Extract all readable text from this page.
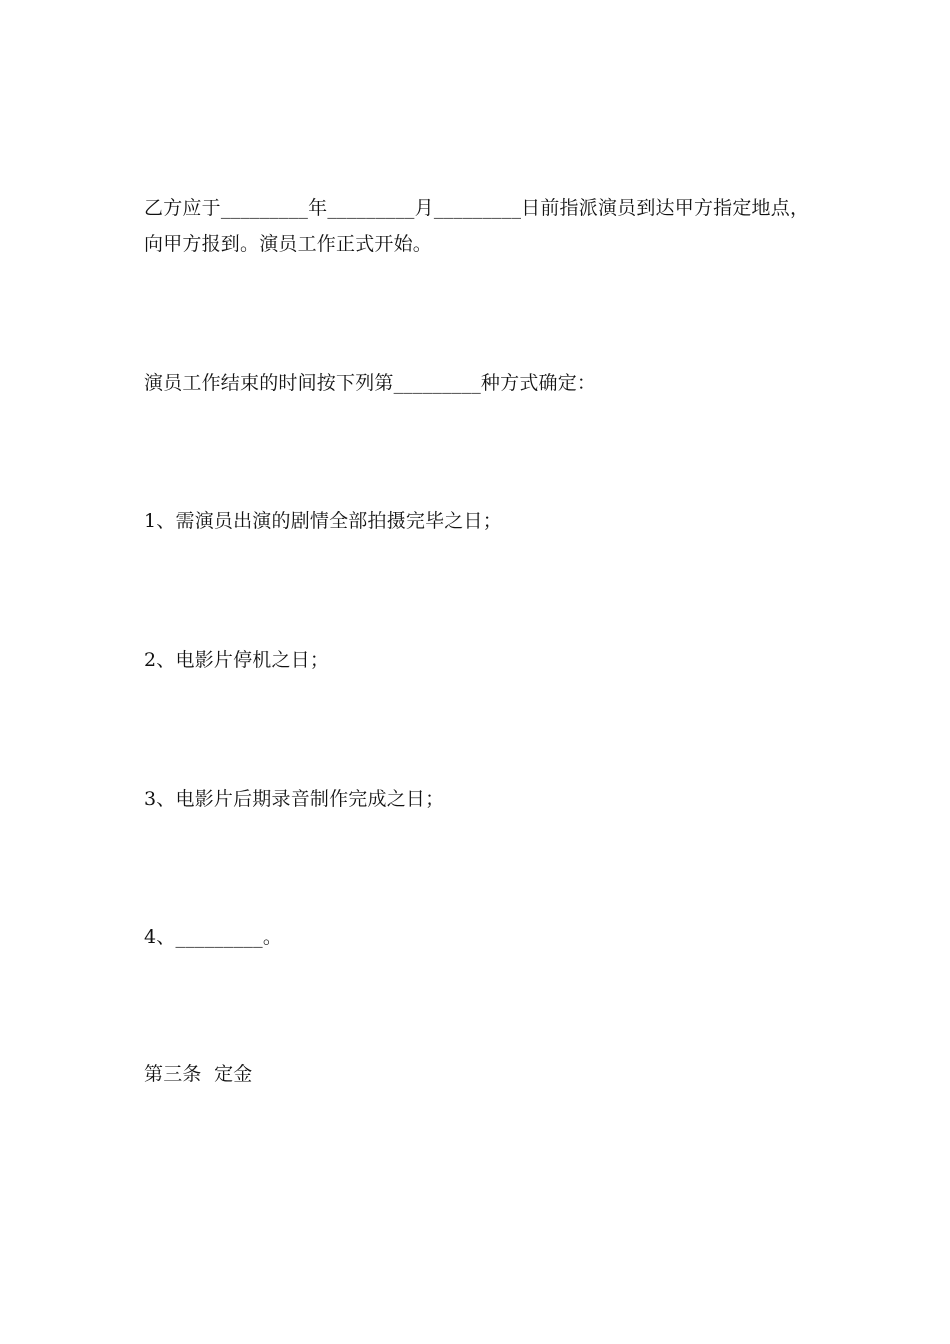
乙方应于_________年_________月_________日前指派演员到达甲方指定地点，
向甲方报到。演员工作正式开始。
演员工作结束的时间按下列第_________种方式确定：
1、需演员出演的剧情全部拍摄完毕之日；
2、电影片停机之日；
3、电影片后期录音制作完成之日；
4、_________。
第三条  定金
